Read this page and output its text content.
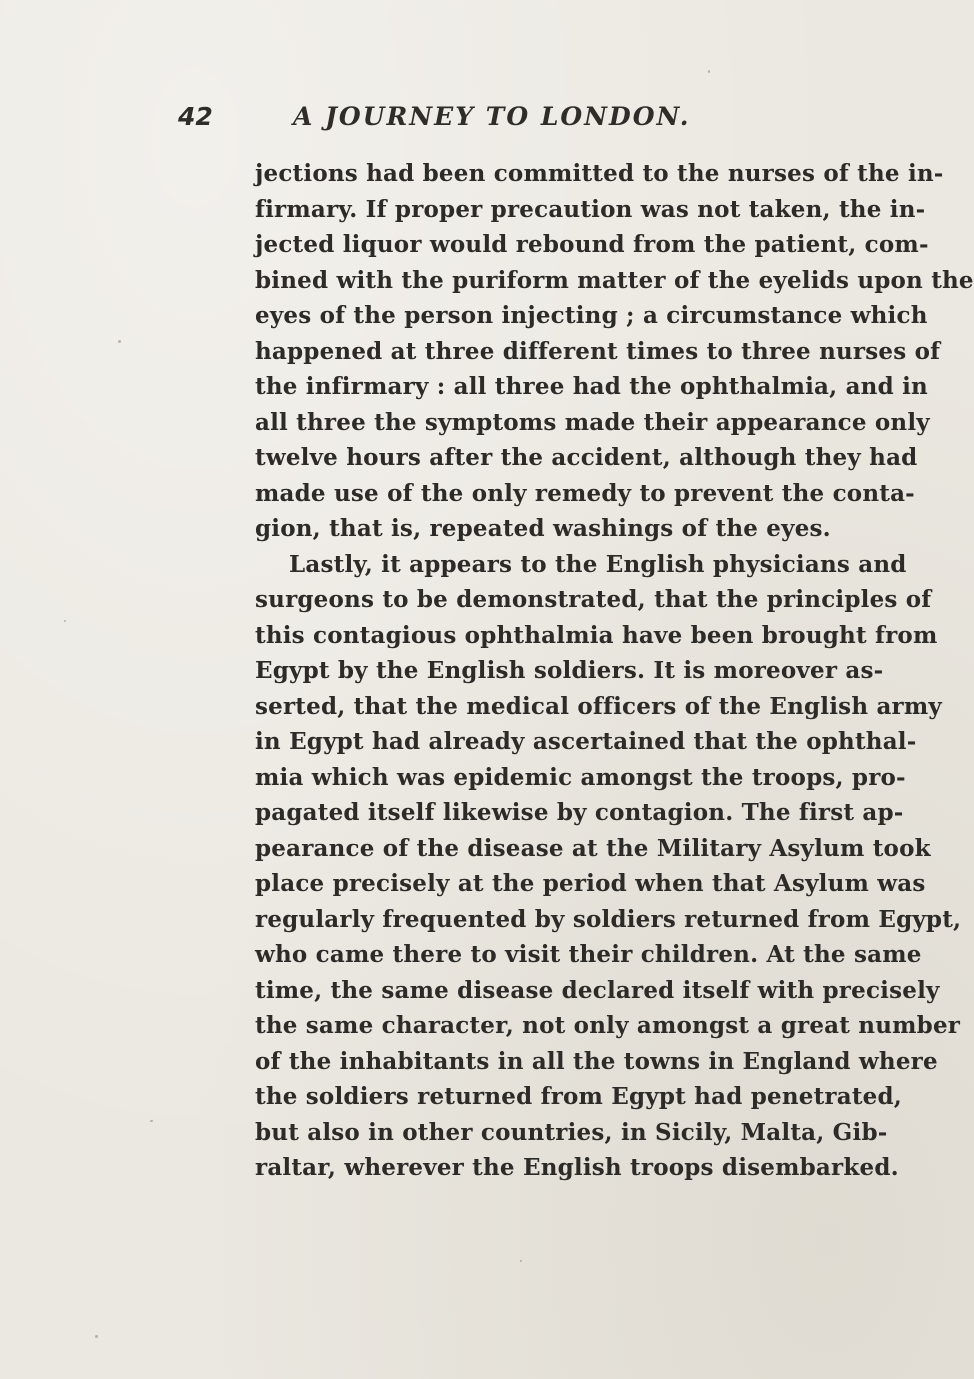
42	A JOURNEY TO LONDON.
jections had been committed to the nurses of the in-
firmary. If proper precaution was not taken, the in-
jected liquor would rebound from the patient, com-
bined with the puriform matter of the eyelids upon the
eyes of the person injecting ; a circumstance which
happened at three different times to three nurses of
the infirmary : all three had the ophthalmia, and in
all three the symptoms made their appearance only
twelve hours after the accident, although they had
made use of the only remedy to prevent the conta-
gion, that is, repeated washings of the eyes.
Lastly, it appears to the English physicians and
surgeons to be demonstrated, that the principles of
this contagious ophthalmia have been brought from
Egypt by the English soldiers. It is moreover as-
serted, that the medical officers of the English army
in Egypt had already ascertained that the ophthal-
mia which was epidemic amongst the troops, pro-
pagated itself likewise by contagion. The first ap-
pearance of the disease at the Military Asylum took
place precisely at the period when that Asylum was
regularly frequented by soldiers returned from Egypt,
who came there to visit their children. At the same
time, the same disease declared itself with precisely
the same character, not only amongst a great number
of the inhabitants in all the towns in England where
the soldiers returned from Egypt had penetrated,
but also in other countries, in Sicily, Malta, Gib-
raltar, wherever the English troops disembarked.
